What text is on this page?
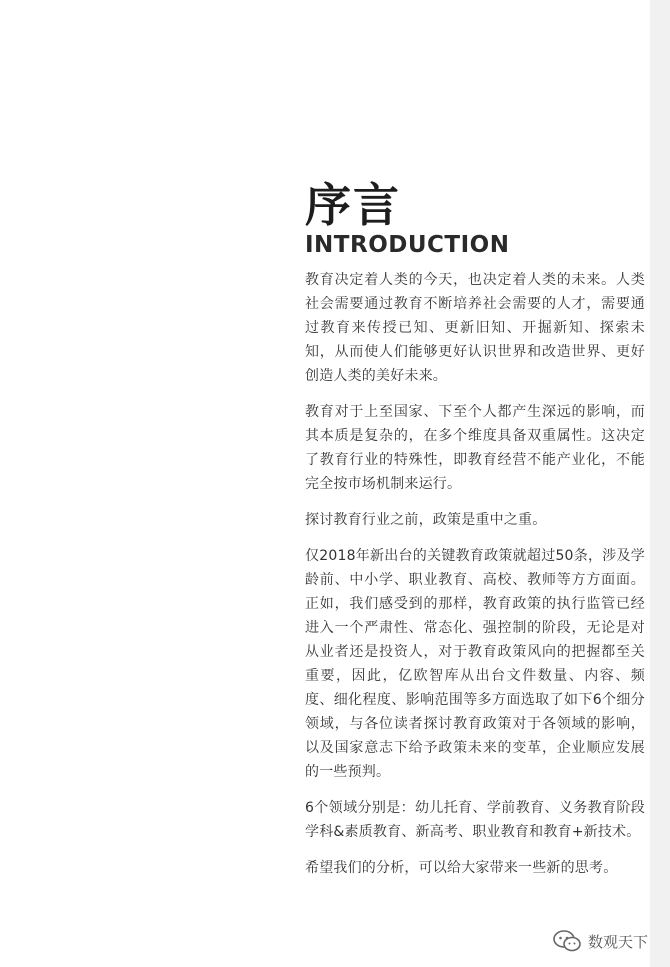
序言
INTRODUCTION

教育决定着人类的今天，也决定着人类的未来。人类社会需要通过教育不断培养社会需要的人才，需要通过教育来传授已知、更新旧知、开掘新知、探索未知，从而使人们能够更好认识世界和改造世界、更好创造人类的美好未来。

教育对于上至国家、下至个人都产生深远的影响，而其本质是复杂的，在多个维度具备双重属性。这决定了教育行业的特殊性，即教育经营不能产业化，不能完全按市场机制来运行。

探讨教育行业之前，政策是重中之重。

仅2018年新出台的关键教育政策就超过50条，涉及学龄前、中小学、职业教育、高校、教师等方方面面。正如，我们感受到的那样，教育政策的执行监管已经进入一个严肃性、常态化、强控制的阶段，无论是对从业者还是投资人，对于教育政策风向的把握都至关重要，因此，亿欧智库从出台文件数量、内容、频度、细化程度、影响范围等多方面选取了如下6个细分领域，与各位读者探讨教育政策对于各领域的影响，以及国家意志下给予政策未来的变革，企业顺应发展的一些预判。

6个领域分别是：幼儿托育、学前教育、义务教育阶段学科&素质教育、新高考、职业教育和教育+新技术。

希望我们的分析，可以给大家带来一些新的思考。

数观天下
